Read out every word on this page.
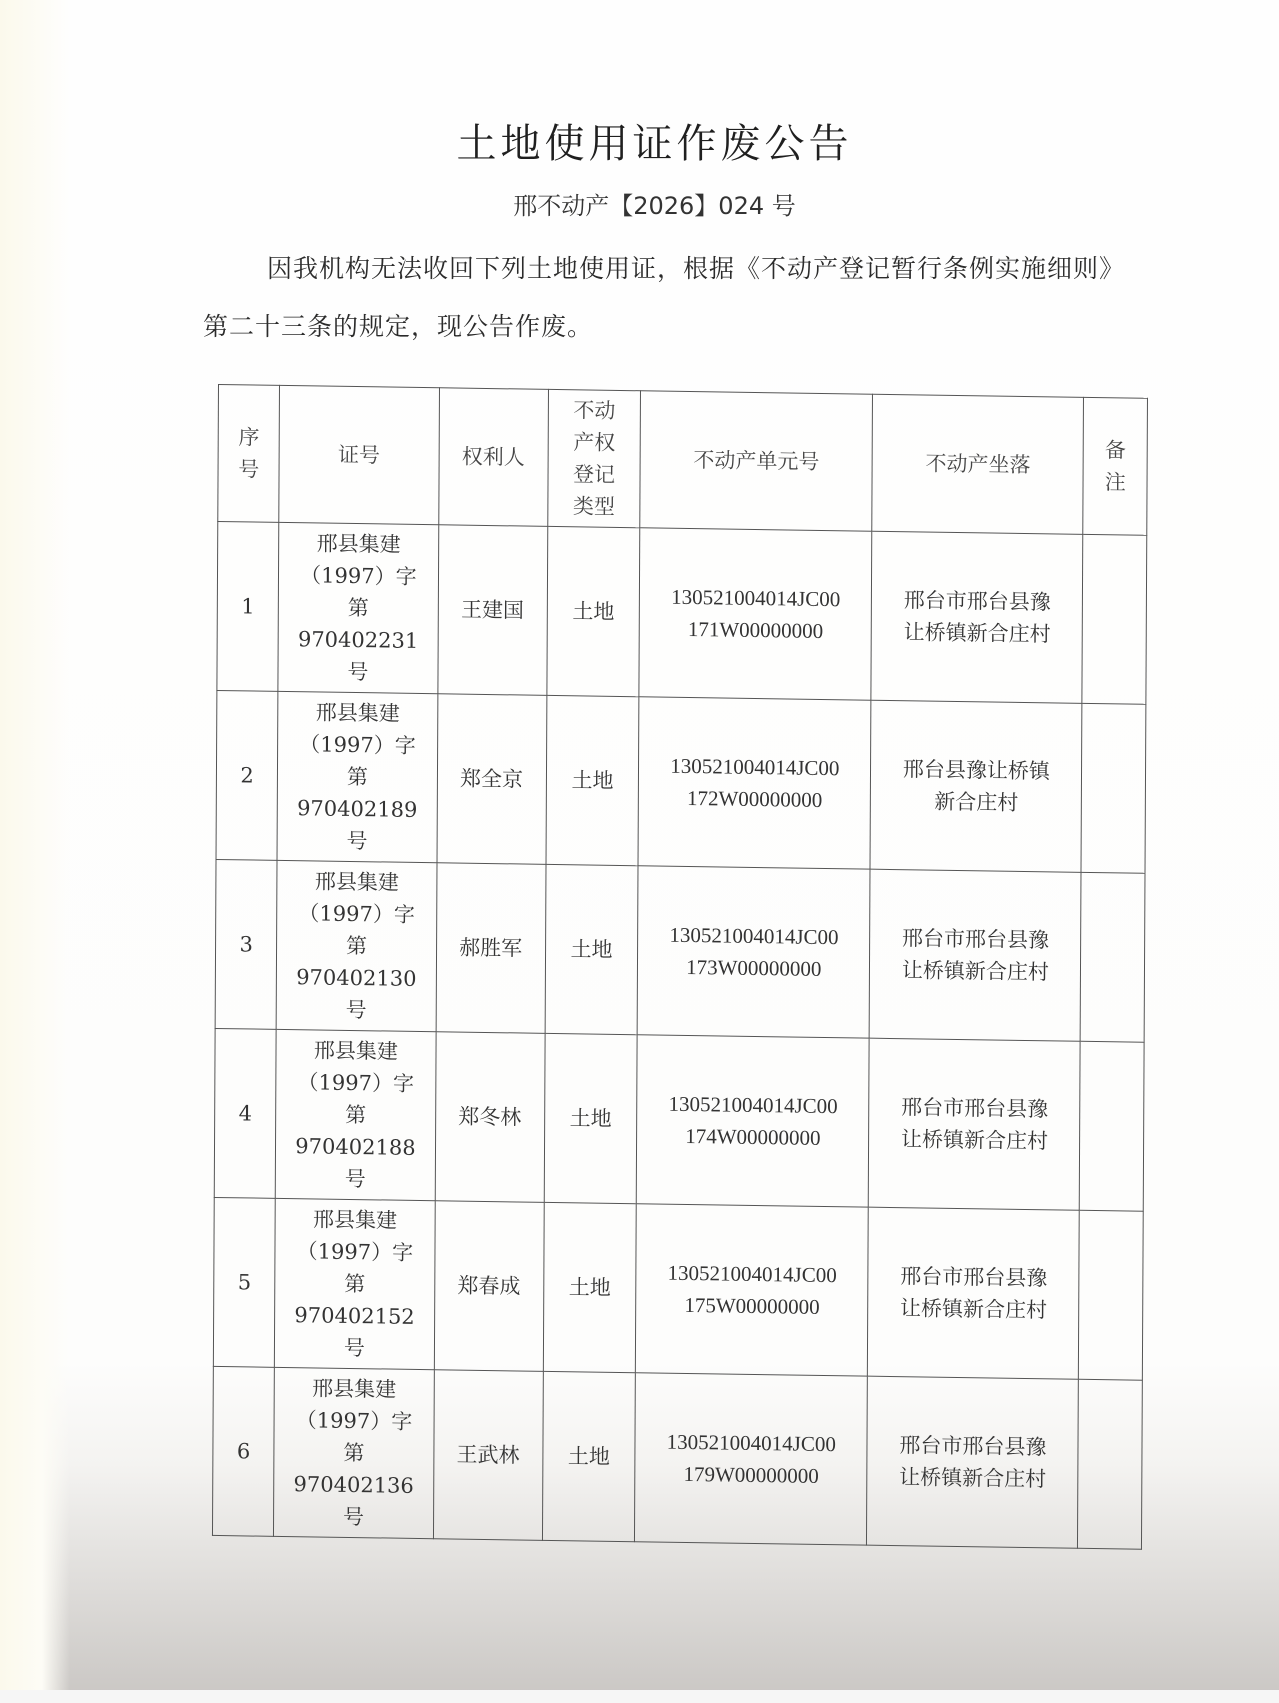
土地使用证作废公告
邢不动产【2026】024 号
因我机构无法收回下列土地使用证，根据《不动产登记暂行条例实施细则》第二十三条的规定，现公告作废。
序
号	证号	权利人	不动
产权
登记
类型	不动产单元号	不动产坐落	备
注

1	邢县集建
（1997）字
第
970402231
号	王建国	土地	130521004014JC00
171W00000000	邢台市邢台县豫
让桥镇新合庄村	

2	邢县集建
（1997）字
第
970402189
号	郑全京	土地	130521004014JC00
172W00000000	邢台县豫让桥镇
新合庄村	

3	邢县集建
（1997）字
第
970402130
号	郝胜军	土地	130521004014JC00
173W00000000	邢台市邢台县豫
让桥镇新合庄村	

4	邢县集建
（1997）字
第
970402188
号	郑冬林	土地	130521004014JC00
174W00000000	邢台市邢台县豫
让桥镇新合庄村	

5	邢县集建
（1997）字
第
970402152
号	郑春成	土地	130521004014JC00
175W00000000	邢台市邢台县豫
让桥镇新合庄村	

6	邢县集建
（1997）字
第
970402136
号	王武林	土地	130521004014JC00
179W00000000	邢台市邢台县豫
让桥镇新合庄村	
